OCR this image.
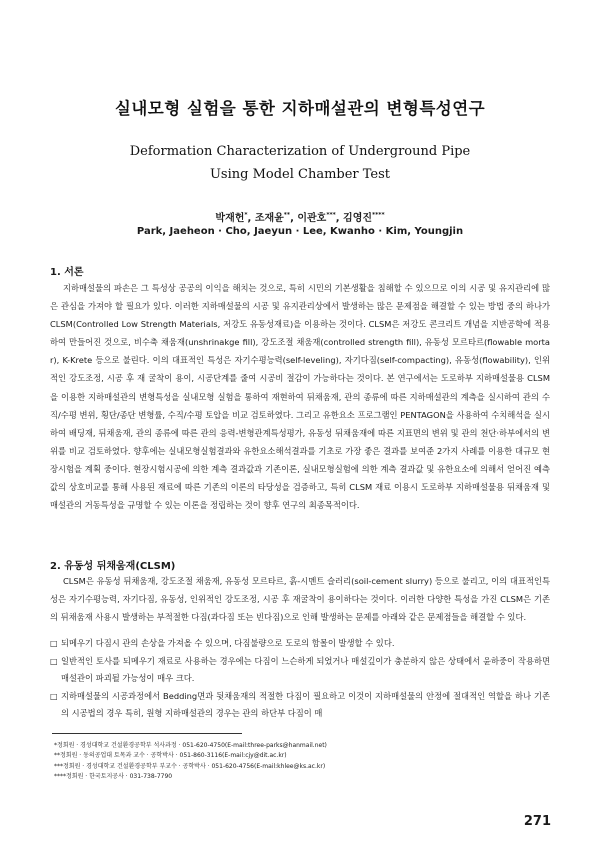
실내모형 실험을 통한 지하매설관의 변형특성연구
Deformation Characterization of Underground Pipe
Using Model Chamber Test
박재헌*, 조재윤**, 이관호***, 김영진****
Park, Jaeheon · Cho, Jaeyun · Lee, Kwanho · Kim, Youngjin
1. 서론
지하매설물의 파손은 그 특성상 공공의 이익을 해치는 것으로, 특히 시민의 기본생활을 침해할 수 있으므로 이의 시공 및 유지관리에 많은 관심을 가져야 할 필요가 있다. 이러한 지하매설물의 시공 및 유지관리상에서 발생하는 많은 문제점을 해결할 수 있는 방법 중의 하나가 CLSM(Controlled Low Strength Materials, 저강도 유동성재료)을 이용하는 것이다. CLSM은 저강도 콘크리트 개념을 지반공학에 적용하여 만들어진 것으로, 비수축 채움재(unshrinakge fill), 강도조절 채움재(controlled strength fill), 유동성 모르타르(flowable mortar), K-Krete 등으로 불린다. 이의 대표적인 특성은 자기수평능력(self-leveling), 자기다짐(self-compacting), 유동성(flowability), 인위적인 강도조정, 시공 후 재 굴착이 용이, 시공단계를 줄여 시공비 절감이 가능하다는 것이다. 본 연구에서는 도로하부 지하매설물용 CLSM을 이용한 지하매설관의 변형특성을 실내모형 실험을 통하여 재현하여 뒤채움재, 관의 종류에 따른 지하매설관의 계측을 실시하여 관의 수직/수평 변위, 횡단/종단 변형률, 수직/수평 토압을 비교 검토하였다. 그리고 유한요소 프로그램인 PENTAGON을 사용하여 수치해석을 실시하여 배딩재, 뒤채움재, 관의 종류에 따른 관의 응력-변형관계특성평가, 유동성 뒤채움재에 따른 지표면의 변위 및 관의 천단·하부에서의 변위를 비교 검토하였다. 향후에는 실내모형실험결과와 유한요소해석결과를 기초로 가장 좋은 결과를 보여준 2가지 사례를 이용한 대규모 현장시험을 계획 중이다. 현장시험시공에 의한 계측 결과값과 기존이론, 실내모형실험에 의한 계측 결과값 및 유한요소에 의해서 얻어진 예측값의 상호비교를 통해 사용된 재료에 따른 기존의 이론의 타당성을 검증하고, 특히 CLSM 재료 이용시 도로하부 지하매설물용 뒤채움재 및 매설관의 거동특성을 규명할 수 있는 이론을 정립하는 것이 향후 연구의 최종목적이다.
2. 유동성 뒤채움재(CLSM)
CLSM은 유동성 뒤채움재, 강도조절 채움재, 유동성 모르타르, 흙-시멘트 슬러리(soil-cement slurry) 등으로 불리고, 이의 대표적인특성은 자기수평능력, 자기다짐, 유동성, 인위적인 강도조정, 시공 후 재굴착이 용이하다는 것이다. 이러한 다양한 특성을 가진 CLSM은 기존의 뒤채움재 사용시 발생하는 부적절한 다짐(과다짐 또는 빈다짐)으로 인해 발생하는 문제를 아래와 같은 문제점들을 해결할 수 있다.
□ 되메우기 다짐시 관의 손상을 가져올 수 있으며, 다짐불량으로 도로의 함몰이 발생할 수 있다.
□ 일반적인 토사를 되메우기 재료로 사용하는 경우에는 다짐이 느슨하게 되었거나 매설깊이가 충분하지 않은 상태에서 윤하중이 작용하면 매설관이 파괴될 가능성이 매우 크다.
□ 지하매설물의 시공과정에서 Bedding면과 뒷채움재의 적절한 다짐이 필요하고 이것이 지하매설물의 안정에 절대적인 역할을 하나 기존의 시공법의 경우 특히, 원형 지하매설관의 경우는 관의 하단부 다짐이 매
*정회원 · 경성대학교 건설환경공학부 석사과정 · 051-620-4750(E-mail:three-parks@hanmail.net)
**정회원 · 동의공업대 토목과 교수 · 공학박사 · 051-860-3116(E-mail:cjy@dit.ac.kr)
***정회원 · 경성대학교 건설환경공학부 부교수 · 공학박사 · 051-620-4756(E-mail:khlee@ks.ac.kr)
****정회원 · 한국토지공사 · 031-738-7790
271
